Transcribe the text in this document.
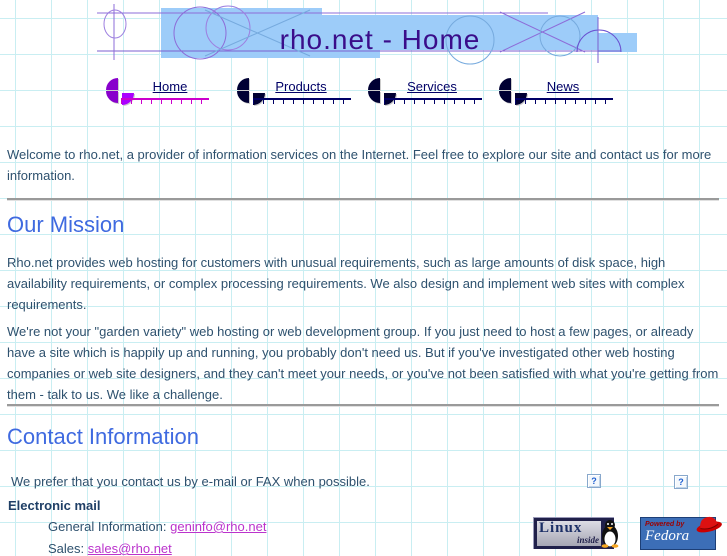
rho.net - Home
Home	Products	Services	News
Welcome to rho.net, a provider of information services on the Internet. Feel free to explore our site and contact us for more information.
Our Mission
Rho.net provides web hosting for customers with unusual requirements, such as large amounts of disk space, high availability requirements, or complex processing requirements. We also design and implement web sites with complex requirements.
We're not your "garden variety" web hosting or web development group. If you just need to host a few pages, or already have a site which is happily up and running, you probably don't need us. But if you've investigated other web hosting companies or web site designers, and they can't meet your needs, or you've not been satisfied with what you're getting from them - talk to us. We like a challenge.
Contact Information
We prefer that you contact us by e-mail or FAX when possible.	?	?
Electronic mail
General Information: geninfo@rho.net
Sales: sales@rho.net
Linux
inside
Powered by
Fedora
